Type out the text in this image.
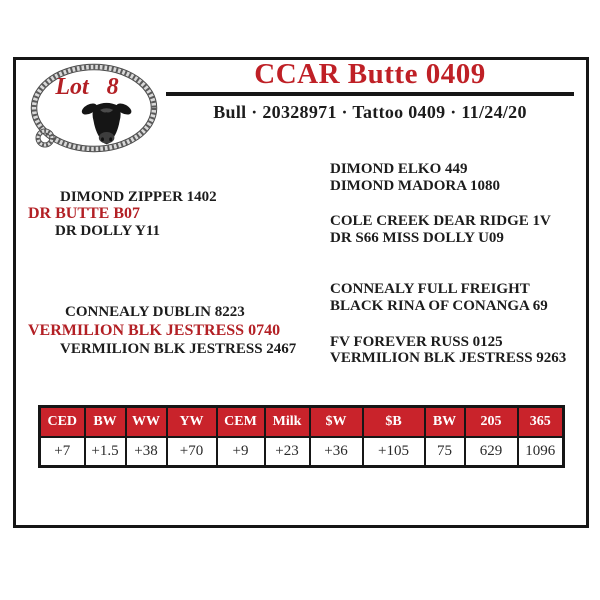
Lot 8	CCAR Butte 0409
Bull · 20328971 · Tattoo 0409 · 11/24/20
DIMOND ZIPPER 1402
DR BUTTE B07
DR DOLLY Y11
CONNEALY DUBLIN 8223
VERMILION BLK JESTRESS 0740
VERMILION BLK JESTRESS 2467
DIMOND ELKO 449
DIMOND MADORA 1080
COLE CREEK DEAR RIDGE 1V
DR S66 MISS DOLLY U09
CONNEALY FULL FREIGHT
BLACK RINA OF CONANGA 69
FV FOREVER RUSS 0125
VERMILION BLK JESTRESS 9263
CED	BW	WW	YW	CEM	Milk	$W	$B	BW	205	365
+7	+1.5	+38	+70	+9	+23	+36	+105	75	629	1096
